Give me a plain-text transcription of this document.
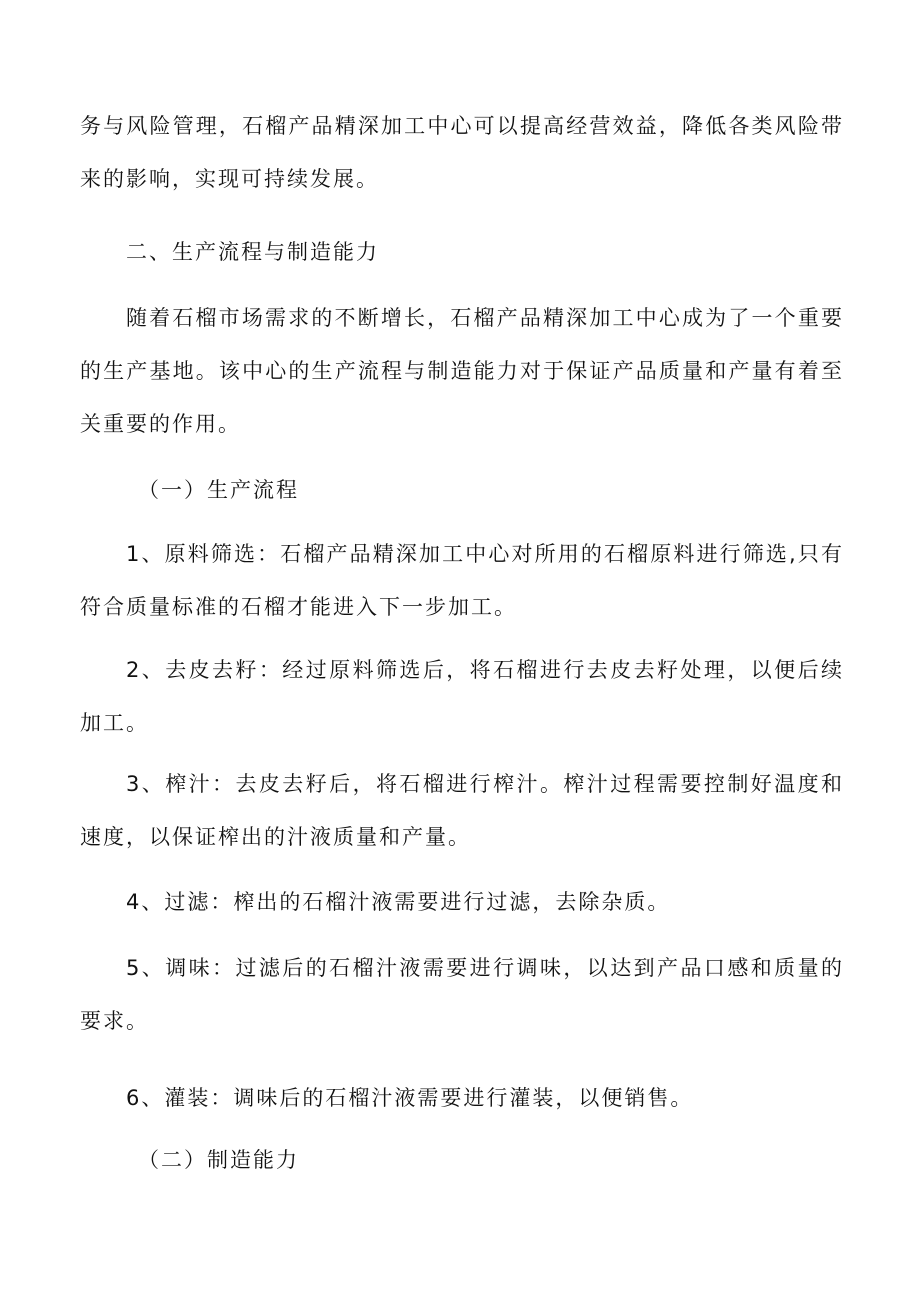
务与风险管理，石榴产品精深加工中心可以提高经营效益，降低各类风险带来的影响，实现可持续发展。

二、生产流程与制造能力

随着石榴市场需求的不断增长，石榴产品精深加工中心成为了一个重要的生产基地。该中心的生产流程与制造能力对于保证产品质量和产量有着至关重要的作用。

（一）生产流程

1、原料筛选：石榴产品精深加工中心对所用的石榴原料进行筛选,只有符合质量标准的石榴才能进入下一步加工。

2、去皮去籽：经过原料筛选后，将石榴进行去皮去籽处理，以便后续加工。

3、榨汁：去皮去籽后，将石榴进行榨汁。榨汁过程需要控制好温度和速度，以保证榨出的汁液质量和产量。

4、过滤：榨出的石榴汁液需要进行过滤，去除杂质。

5、调味：过滤后的石榴汁液需要进行调味，以达到产品口感和质量的要求。

6、灌装：调味后的石榴汁液需要进行灌装，以便销售。

（二）制造能力
